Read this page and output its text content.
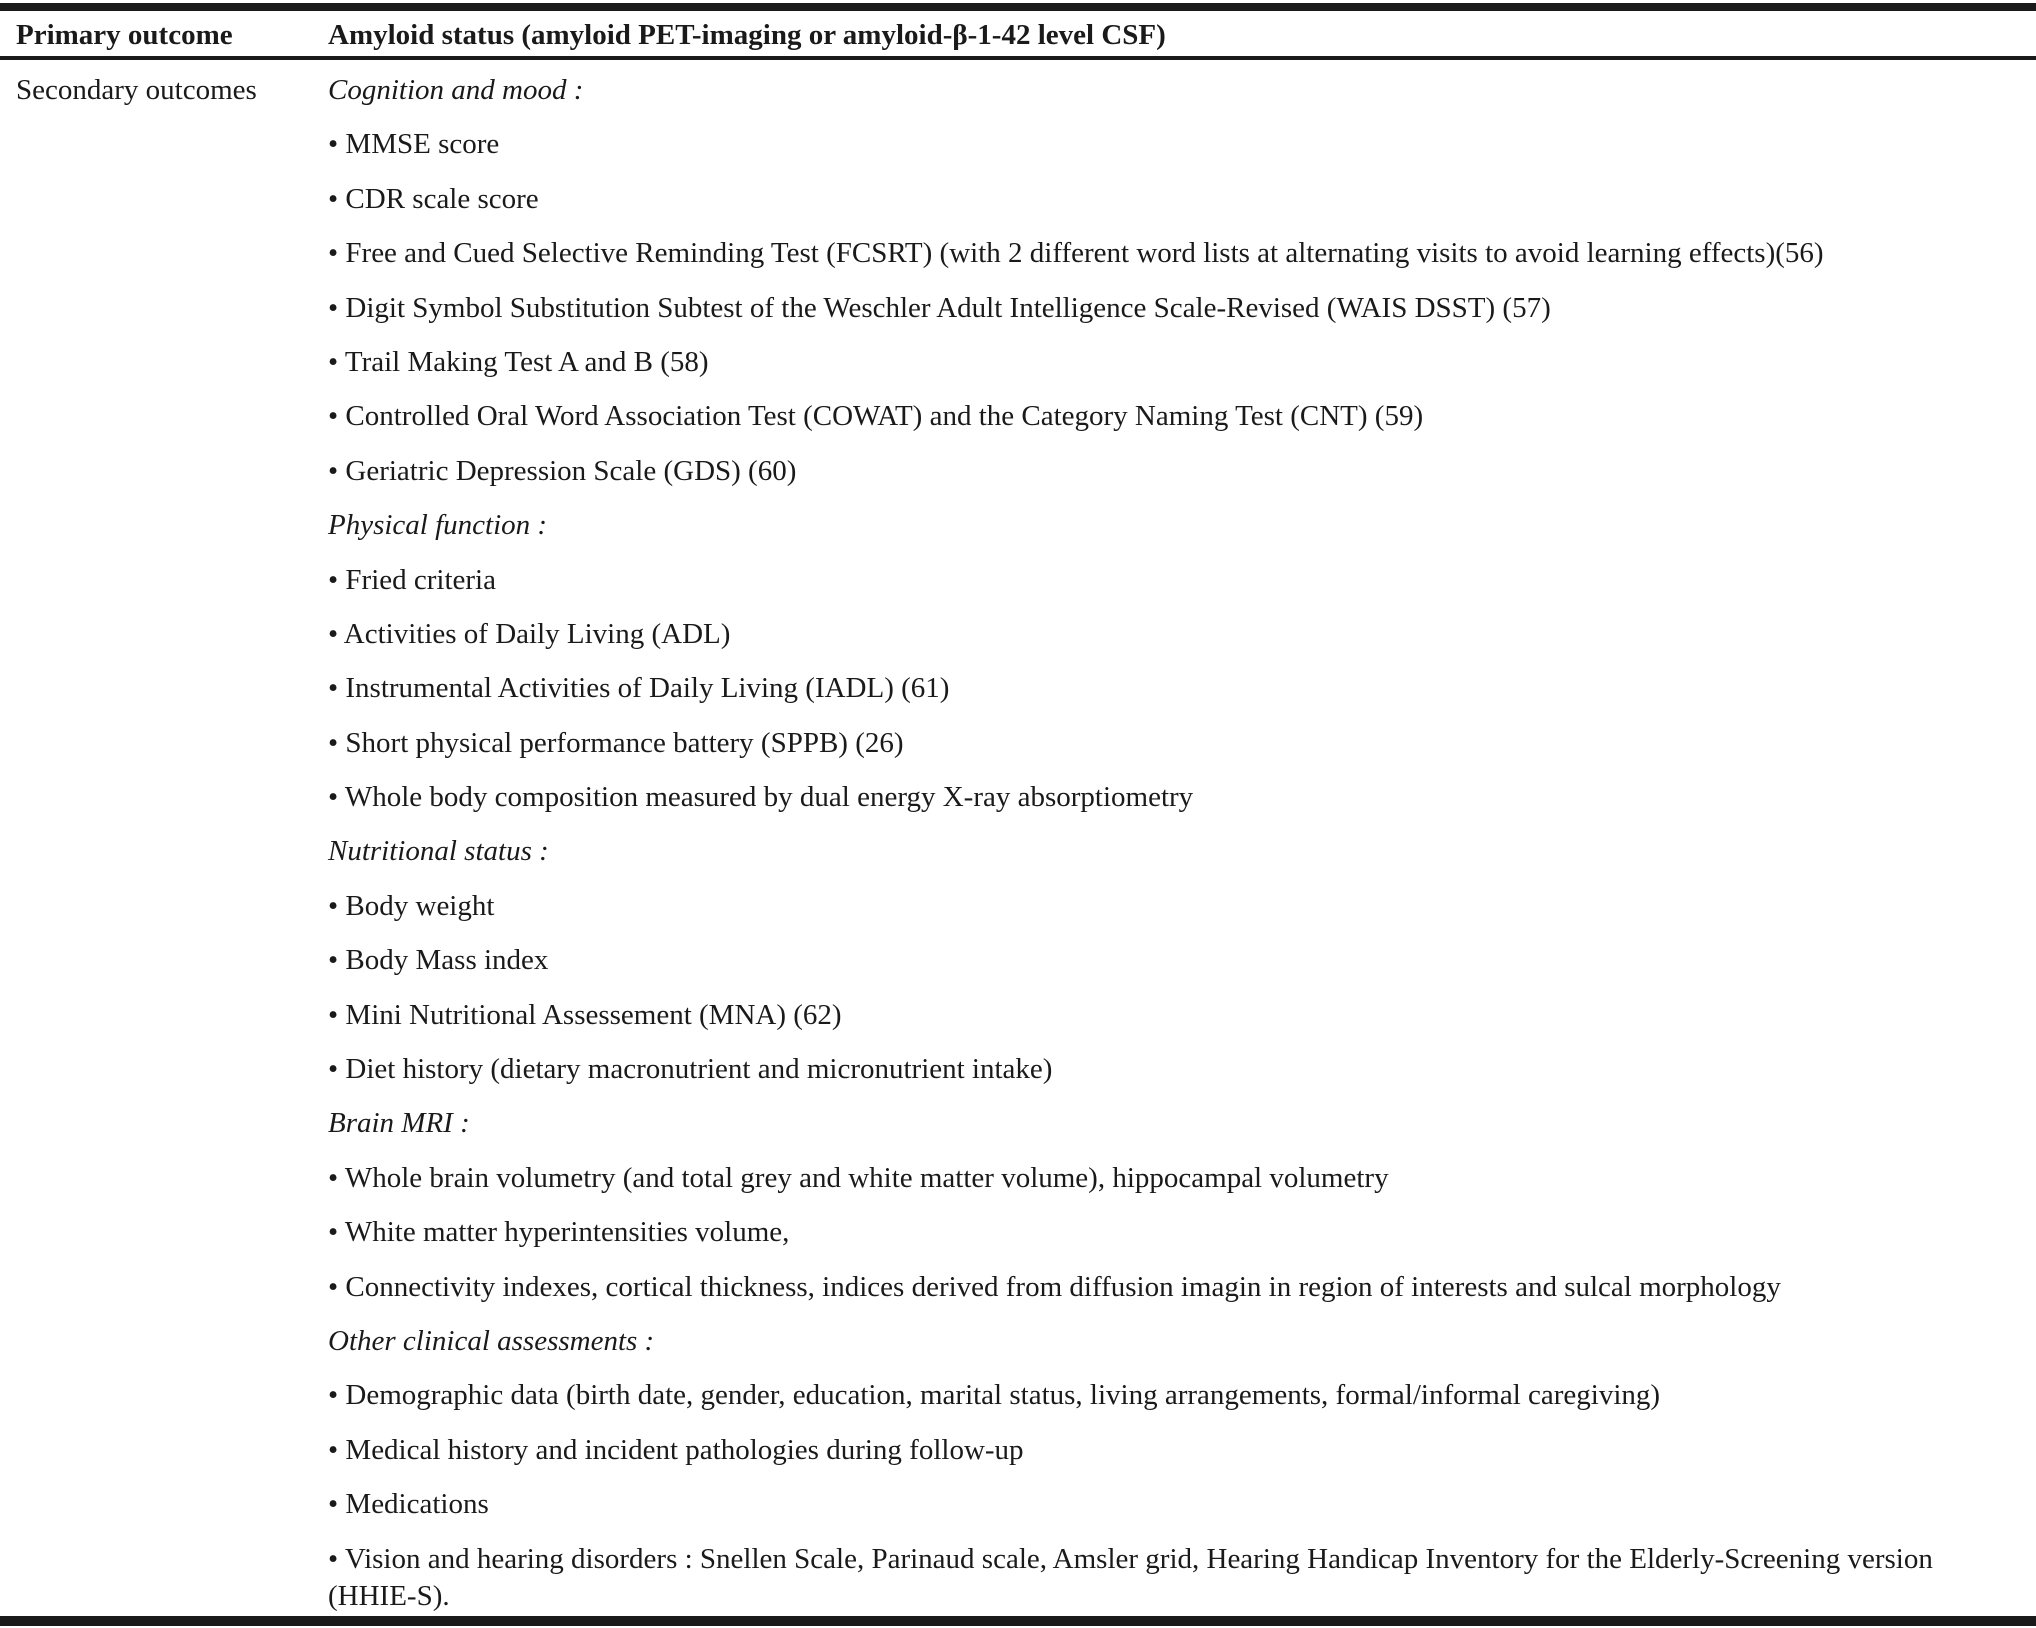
Primary outcome	Amyloid status (amyloid PET-imaging or amyloid-β-1-42 level CSF)
Secondary outcomes Cognition and mood :
• MMSE score
• CDR scale score
• Free and Cued Selective Reminding Test (FCSRT) (with 2 different word lists at alternating visits to avoid learning effects)(56)
• Digit Symbol Substitution Subtest of the Weschler Adult Intelligence Scale-Revised (WAIS DSST) (57)
• Trail Making Test A and B (58)
• Controlled Oral Word Association Test (COWAT) and the Category Naming Test (CNT) (59)
• Geriatric Depression Scale (GDS) (60)
Physical function :
• Fried criteria
• Activities of Daily Living (ADL)
• Instrumental Activities of Daily Living (IADL) (61)
• Short physical performance battery (SPPB) (26)
• Whole body composition measured by dual energy X-ray absorptiometry
Nutritional status :
• Body weight
• Body Mass index
• Mini Nutritional Assessement (MNA) (62)
• Diet history (dietary macronutrient and micronutrient intake)
Brain MRI :
• Whole brain volumetry (and total grey and white matter volume), hippocampal volumetry
• White matter hyperintensities volume,
• Connectivity indexes, cortical thickness, indices derived from diffusion imagin in region of interests and sulcal morphology
Other clinical assessments :
• Demographic data (birth date, gender, education, marital status, living arrangements, formal/informal caregiving)
• Medical history and incident pathologies during follow-up
• Medications
• Vision and hearing disorders : Snellen Scale, Parinaud scale, Amsler grid, Hearing Handicap Inventory for the Elderly-Screening version (HHIE-S).
